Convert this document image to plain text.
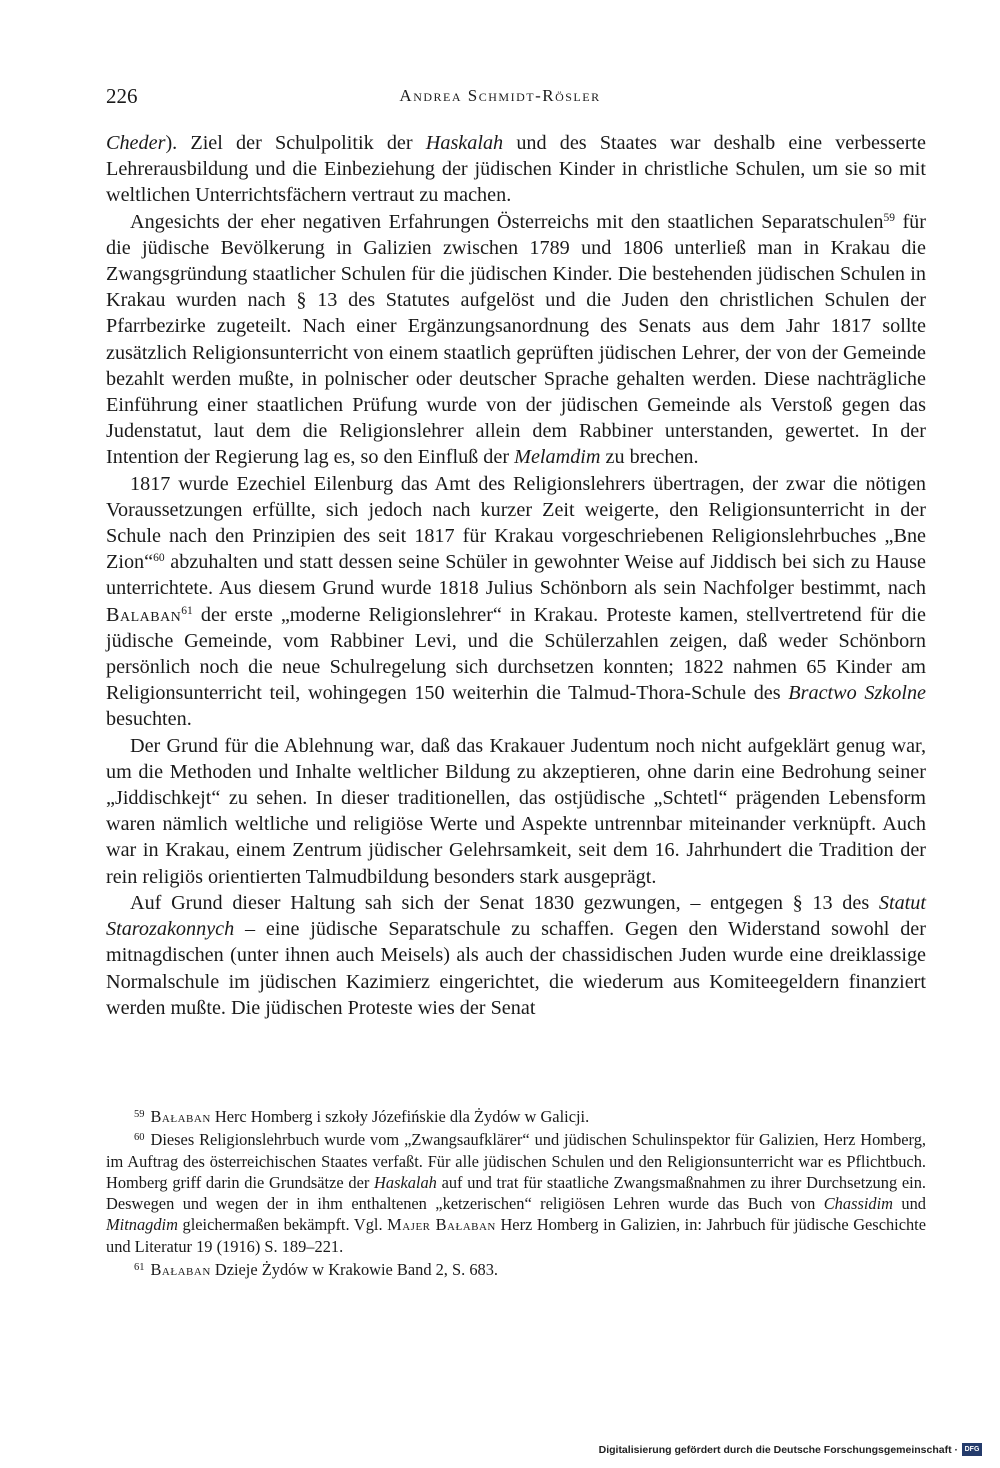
226	Andrea Schmidt-Rösler

Cheder). Ziel der Schulpolitik der Haskalah und des Staates war deshalb eine verbesserte Lehrerausbildung und die Einbeziehung der jüdischen Kinder in christliche Schulen, um sie so mit weltlichen Unterrichtsfächern vertraut zu machen.

Angesichts der eher negativen Erfahrungen Österreichs mit den staatlichen Separatschulen$^{59}$ für die jüdische Bevölkerung in Galizien zwischen 1789 und 1806 unterließ man in Krakau die Zwangsgründung staatlicher Schulen für die jüdischen Kinder. Die bestehenden jüdischen Schulen in Krakau wurden nach § 13 des Statutes aufgelöst und die Juden den christlichen Schulen der Pfarrbezirke zugeteilt. Nach einer Ergänzungsanordnung des Senats aus dem Jahr 1817 sollte zusätzlich Religionsunterricht von einem staatlich geprüften jüdischen Lehrer, der von der Gemeinde bezahlt werden mußte, in polnischer oder deutscher Sprache gehalten werden. Diese nachträgliche Einführung einer staatlichen Prüfung wurde von der jüdischen Gemeinde als Verstoß gegen das Judenstatut, laut dem die Religionslehrer allein dem Rabbiner unterstanden, gewertet. In der Intention der Regierung lag es, so den Einfluß der Melamdim zu brechen.

1817 wurde Ezechiel Eilenburg das Amt des Religionslehrers übertragen, der zwar die nötigen Voraussetzungen erfüllte, sich jedoch nach kurzer Zeit weigerte, den Religionsunterricht in der Schule nach den Prinzipien des seit 1817 für Krakau vorgeschriebenen Religionslehrbuches „Bne Zion“$^{60}$ abzuhalten und statt dessen seine Schüler in gewohnter Weise auf Jiddisch bei sich zu Hause unterrichtete. Aus diesem Grund wurde 1818 Julius Schönborn als sein Nachfolger bestimmt, nach Balaban$^{61}$ der erste „moderne Religionslehrer“ in Krakau. Proteste kamen, stellvertretend für die jüdische Gemeinde, vom Rabbiner Levi, und die Schülerzahlen zeigen, daß weder Schönborn persönlich noch die neue Schulregelung sich durchsetzen konnten; 1822 nahmen 65 Kinder am Religionsunterricht teil, wohingegen 150 weiterhin die Talmud-Thora-Schule des Bractwo Szkolne besuchten.

Der Grund für die Ablehnung war, daß das Krakauer Judentum noch nicht aufgeklärt genug war, um die Methoden und Inhalte weltlicher Bildung zu akzeptieren, ohne darin eine Bedrohung seiner „Jiddischkejt“ zu sehen. In dieser traditionellen, das ostjüdische „Schtetl“ prägenden Lebensform waren nämlich weltliche und religiöse Werte und Aspekte untrennbar miteinander verknüpft. Auch war in Krakau, einem Zentrum jüdischer Gelehrsamkeit, seit dem 16. Jahrhundert die Tradition der rein religiös orientierten Talmudbildung besonders stark ausgeprägt.

Auf Grund dieser Haltung sah sich der Senat 1830 gezwungen, – entgegen § 13 des Statut Starozakonnych – eine jüdische Separatschule zu schaffen. Gegen den Widerstand sowohl der mitnagdischen (unter ihnen auch Meisels) als auch der chassidischen Juden wurde eine dreiklassige Normalschule im jüdischen Kazimierz eingerichtet, die wiederum aus Komiteegeldern finanziert werden mußte. Die jüdischen Proteste wies der Senat

$^{59}$ Bałaban Herc Homberg i szkoły Józefińskie dla Żydów w Galicji.

$^{60}$ Dieses Religionslehrbuch wurde vom „Zwangsaufklärer“ und jüdischen Schulinspektor für Galizien, Herz Homberg, im Auftrag des österreichischen Staates verfaßt. Für alle jüdischen Schulen und den Religionsunterricht war es Pflichtbuch. Homberg griff darin die Grundsätze der Haskalah auf und trat für staatliche Zwangsmaßnahmen zu ihrer Durchsetzung ein. Deswegen und wegen der in ihm enthaltenen „ketzerischen“ religiösen Lehren wurde das Buch von Chassidim und Mitnagdim gleichermaßen bekämpft. Vgl. Majer Bałaban Herz Homberg in Galizien, in: Jahrbuch für jüdische Geschichte und Literatur 19 (1916) S. 189–221.

$^{61}$ Bałaban Dzieje Żydów w Krakowie Band 2, S. 683.

Digitalisierung gefördert durch die Deutsche Forschungsgemeinschaft · DFG
